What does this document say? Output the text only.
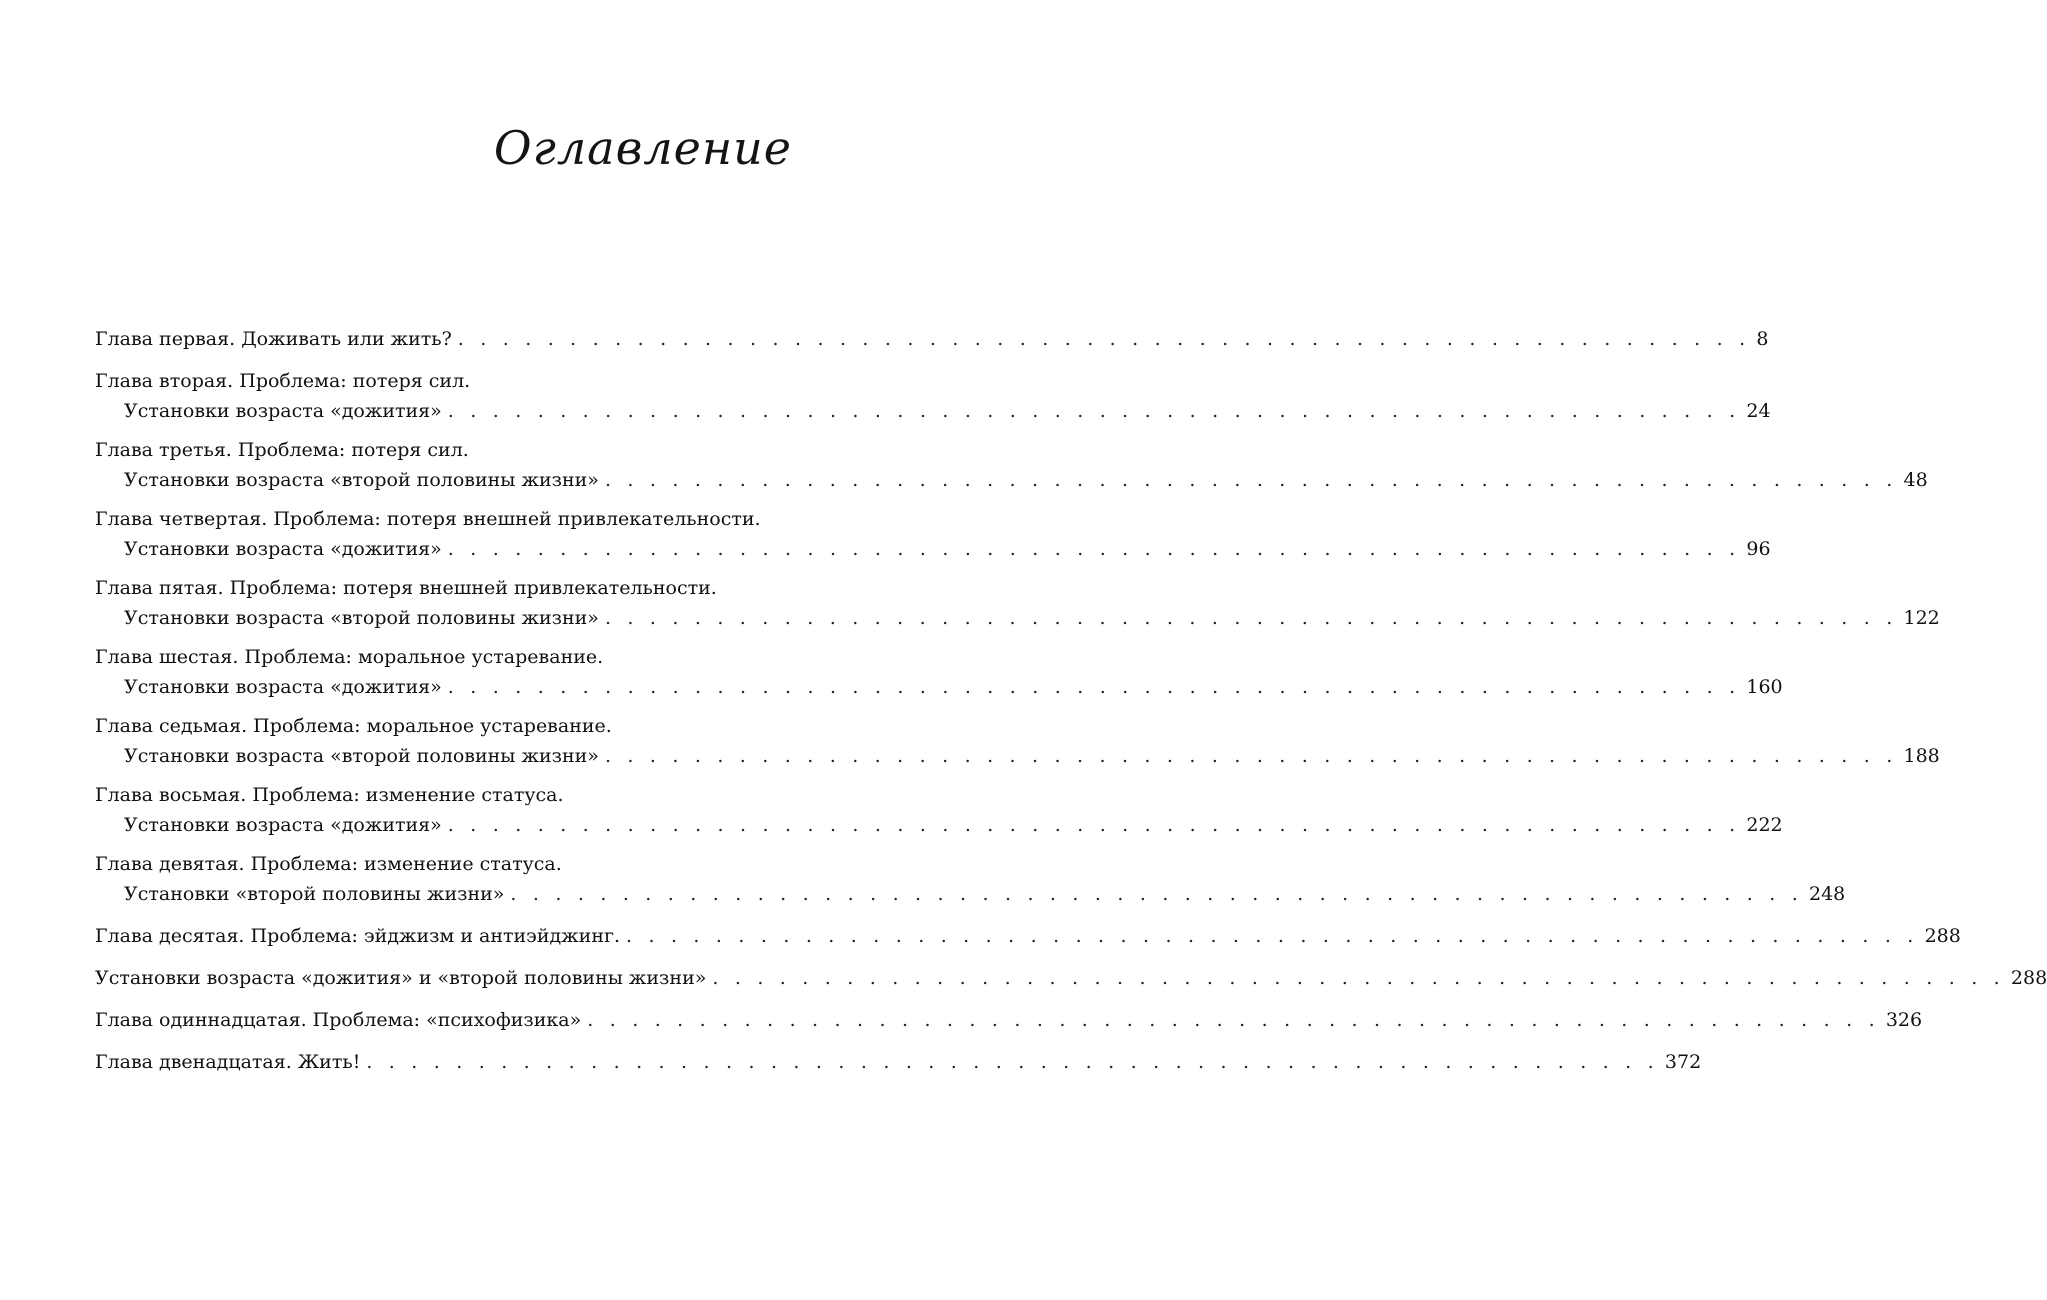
Оглавление
Глава первая. Доживать или жить? . . . . . . . . . . . . . . . . . . . . . . . . . . . . . . . . . . . . . . . . . . . . . . . . . . . . . . . . . . 8
Глава вторая. Проблема: потеря сил.
Установки возраста «дожития» . . . . . . . . . . . . . . . . . . . . . . . . . . . . . . . . . . . . . . . . . . . . . . . . . . . . . . . . . . 24
Глава третья. Проблема: потеря сил.
Установки возраста «второй половины жизни» . . . . . . . . . . . . . . . . . . . . . . . . . . . . . . . . . . . . . . . . . . . . . . . . . . . . . . . . . . 48
Глава четвертая. Проблема: потеря внешней привлекательности.
Установки возраста «дожития» . . . . . . . . . . . . . . . . . . . . . . . . . . . . . . . . . . . . . . . . . . . . . . . . . . . . . . . . . . 96
Глава пятая. Проблема: потеря внешней привлекательности.
Установки возраста «второй половины жизни» . . . . . . . . . . . . . . . . . . . . . . . . . . . . . . . . . . . . . . . . . . . . . . . . . . . . . . . . . . 122
Глава шестая. Проблема: моральное устаревание.
Установки возраста «дожития» . . . . . . . . . . . . . . . . . . . . . . . . . . . . . . . . . . . . . . . . . . . . . . . . . . . . . . . . . . 160
Глава седьмая. Проблема: моральное устаревание.
Установки возраста «второй половины жизни» . . . . . . . . . . . . . . . . . . . . . . . . . . . . . . . . . . . . . . . . . . . . . . . . . . . . . . . . . . 188
Глава восьмая. Проблема: изменение статуса.
Установки возраста «дожития» . . . . . . . . . . . . . . . . . . . . . . . . . . . . . . . . . . . . . . . . . . . . . . . . . . . . . . . . . . 222
Глава девятая. Проблема: изменение статуса.
Установки «второй половины жизни» . . . . . . . . . . . . . . . . . . . . . . . . . . . . . . . . . . . . . . . . . . . . . . . . . . . . . . . . . . 248
Глава десятая. Проблема: эйджизм и антиэйджинг. . . . . . . . . . . . . . . . . . . . . . . . . . . . . . . . . . . . . . . . . . . . . . . . . . . . . . . . . . . 288
Установки возраста «дожития» и «второй половины жизни» . . . . . . . . . . . . . . . . . . . . . . . . . . . . . . . . . . . . . . . . . . . . . . . . . . . . . . . . . . 288
Глава одиннадцатая. Проблема: «психофизика» . . . . . . . . . . . . . . . . . . . . . . . . . . . . . . . . . . . . . . . . . . . . . . . . . . . . . . . . . . 326
Глава двенадцатая. Жить! . . . . . . . . . . . . . . . . . . . . . . . . . . . . . . . . . . . . . . . . . . . . . . . . . . . . . . . . . . 372
